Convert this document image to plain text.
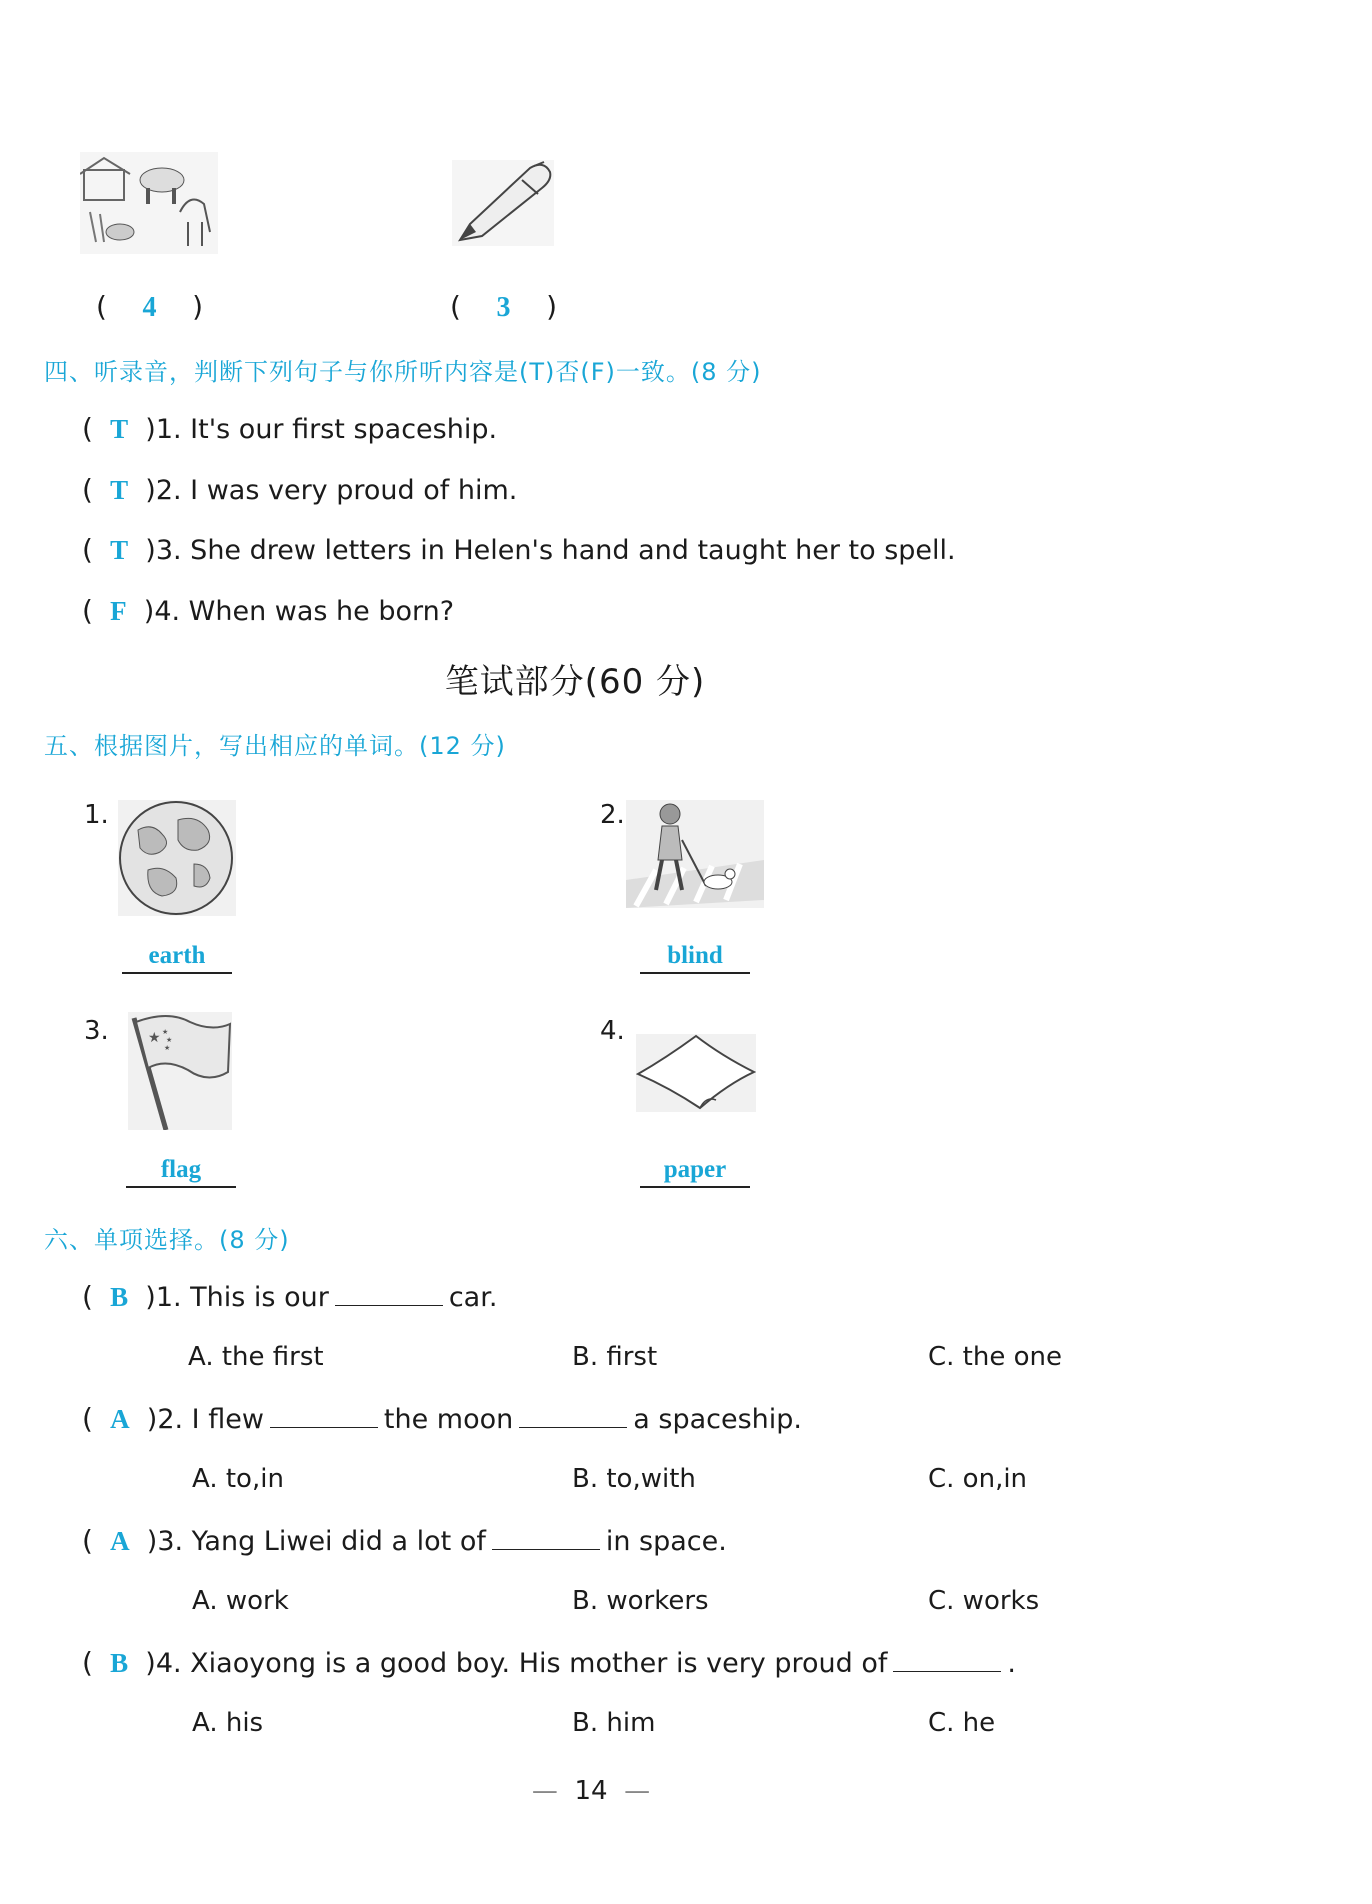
(    4    )	(    3    )
四、听录音，判断下列句子与你所听内容是(T)否(F)一致。(8 分)
( T )1. It's our first spaceship.
( T )2. I was very proud of him.
( T )3. She drew letters in Helen's hand and taught her to spell.
( F )4. When was he born?
笔试部分(60 分)
五、根据图片，写出相应的单词。(12 分)
1.
earth
2.
blind
3.	★ ★
★
★
flag
4.
paper
六、单项选择。(8 分)
( B )1. This is our	car.
A. the first	B. first	C. the one
( A )2. I flew	the moon	a spaceship.
A. to,in	B. to,with	C. on,in
( A )3. Yang Liwei did a lot of	in space.
A. work	B. workers	C. works
( B )4. Xiaoyong is a good boy. His mother is very proud of	.
A. his	B. him	C. he
— 14 —
